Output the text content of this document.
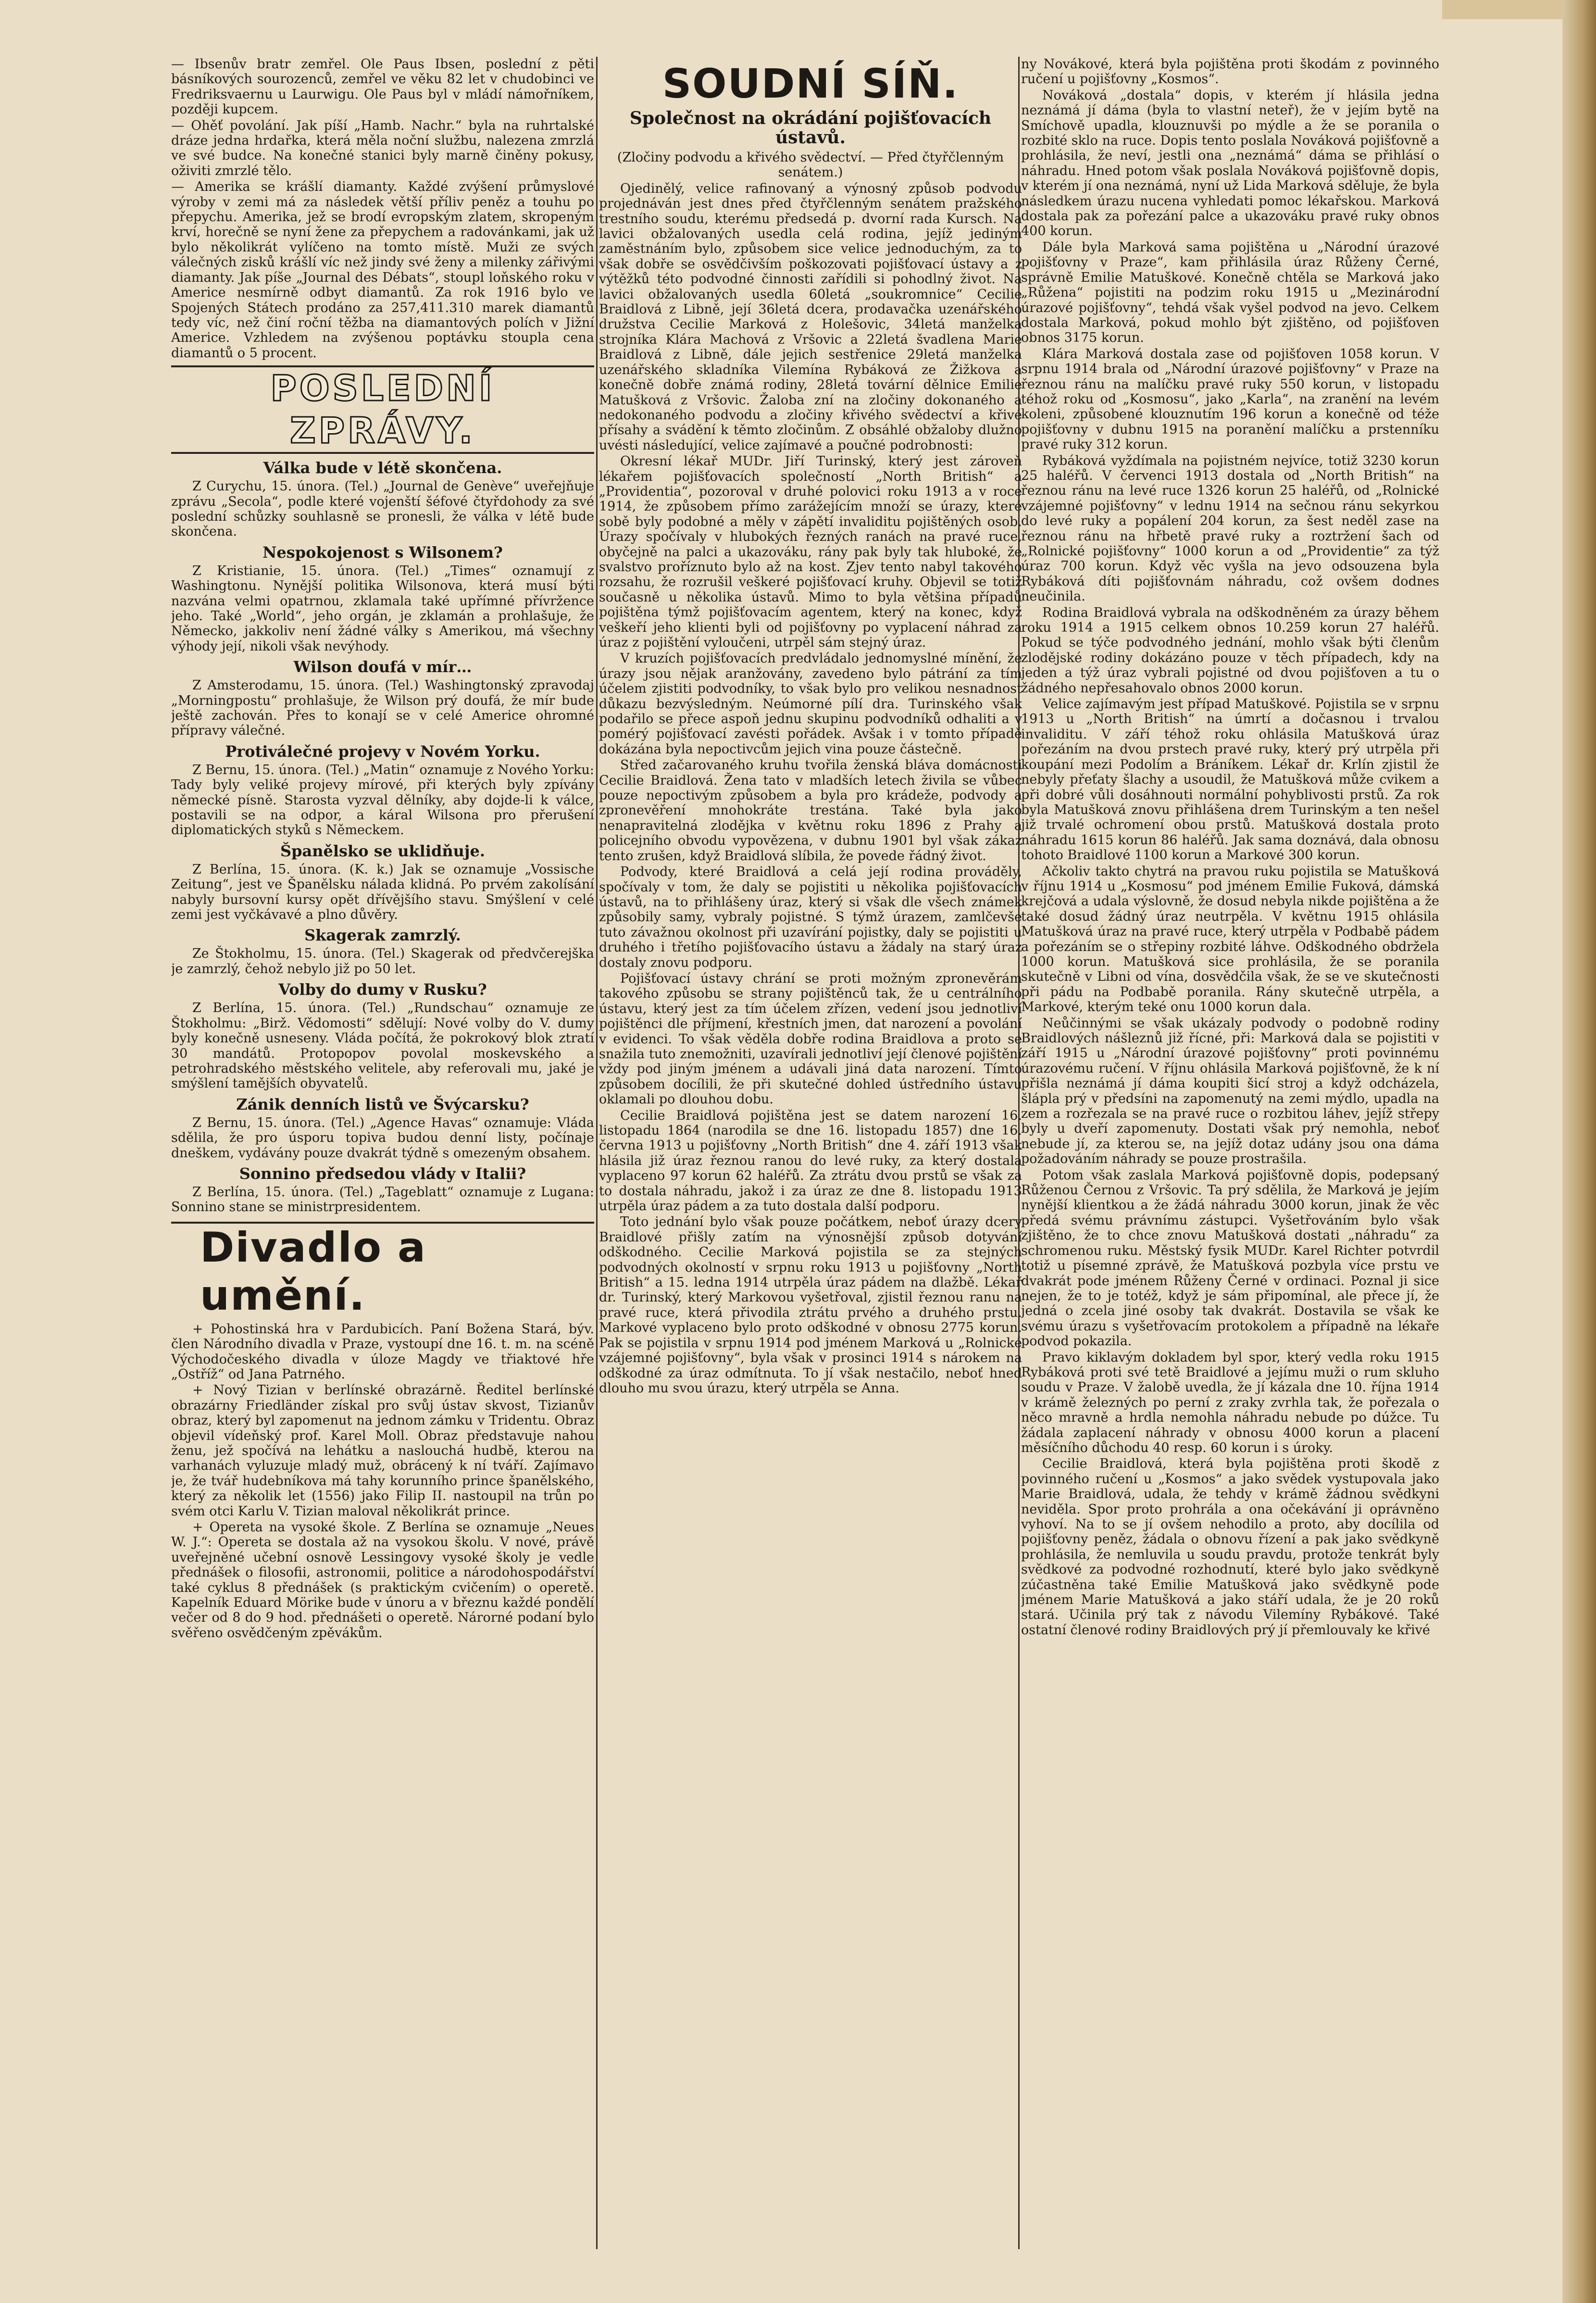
— Ibsenův bratr zemřel. Ole Paus Ibsen, poslední z pěti básníkových sourozenců, zemřel ve věku 82 let v chudobinci ve Fredriksvaernu u Laurwigu. Ole Paus byl v mládí námořníkem, později kupcem.

— Ohěť povolání. Jak píší „Hamb. Nachr.“ byla na ruhrtalské dráze jedna hrdařka, která měla noční službu, nalezena zmrzlá ve své budce. Na konečné stanici byly marně činěny pokusy, oživiti zmrzlé tělo.

— Amerika se krášlí diamanty. Každé zvýšení průmyslové výroby v zemi má za následek větší příliv peněz a touhu po přepychu. Amerika, jež se brodí evropským zlatem, skropeným krví, horečně se nyní žene za přepychem a radovánkami, jak už bylo několikrát vylíčeno na tomto místě. Muži ze svých válečných zisků krášlí víc než jindy své ženy a milenky zářivými diamanty. Jak píše „Journal des Débats“, stoupl loňského roku v Americe nesmírně odbyt diamantů. Za rok 1916 bylo ve Spojených Státech prodáno za 257,411.310 marek diamantů tedy víc, než činí roční těžba na diamantových polích v Jižní Americe. Vzhledem na zvýšenou poptávku stoupla cena diamantů o 5 procent.

POSLEDNÍ ZPRÁVY.
Válka bude v létě skončena.

Z Curychu, 15. února. (Tel.) „Journal de Genève“ uveřejňuje zprávu „Secola“, podle které vojenští šéfové čtyřdohody za své poslední schůzky souhlasně se pronesli, že válka v létě bude skončena.

Nespokojenost s Wilsonem?

Z Kristianie, 15. února. (Tel.) „Times“ oznamují z Washingtonu. Nynější politika Wilsonova, která musí býti nazvána velmi opatrnou, zklamala také upřímné přívržence jeho. Také „World“, jeho orgán, je zklamán a prohlašuje, že Německo, jakkoliv není žádné války s Amerikou, má všechny výhody její, nikoli však nevýhody.

Wilson doufá v mír…

Z Amsterodamu, 15. února. (Tel.) Washingtonský zpravodaj „Morningpostu“ prohlašuje, že Wilson prý doufá, že mír bude ještě zachován. Přes to konají se v celé Americe ohromné přípravy válečné.

Protiválečné projevy v Novém Yorku.

Z Bernu, 15. února. (Tel.) „Matin“ oznamuje z Nového Yorku: Tady byly veliké projevy mírové, při kterých byly zpívány německé písně. Starosta vyzval dělníky, aby dojde-li k válce, postavili se na odpor, a káral Wilsona pro přerušení diplomatických styků s Německem.

Španělsko se uklidňuje.

Z Berlína, 15. února. (K. k.) Jak se oznamuje „Vossische Zeitung“, jest ve Španělsku nálada klidná. Po prvém zakolísání nabyly bursovní kursy opět dřívějšího stavu. Smýšlení v celé zemi jest vyčkávavé a plno důvěry.

Skagerak zamrzlý.

Ze Štokholmu, 15. února. (Tel.) Skagerak od předvčerejška je zamrzlý, čehož nebylo již po 50 let.

Volby do dumy v Rusku?

Z Berlína, 15. února. (Tel.) „Rundschau“ oznamuje ze Štokholmu: „Birž. Vědomosti“ sdělují: Nové volby do V. dumy byly konečně usneseny. Vláda počítá, že pokrokový blok ztratí 30 mandátů. Protopopov povolal moskevského a petrohradského městského velitele, aby referovali mu, jaké je smýšlení tamějších obyvatelů.

Zánik denních listů ve Švýcarsku?

Z Bernu, 15. února. (Tel.) „Agence Havas“ oznamuje: Vláda sdělila, že pro úsporu topiva budou denní listy, počínaje dneškem, vydávány pouze dvakrát týdně s omezeným obsahem.

Sonnino předsedou vlády v Italii?

Z Berlína, 15. února. (Tel.) „Tageblatt“ oznamuje z Lugana: Sonnino stane se ministrpresidentem.

Divadlo a umění.

+ Pohostinská hra v Pardubicích. Paní Božena Stará, býv. člen Národního divadla v Praze, vystoupí dne 16. t. m. na scéně Východočeského divadla v úloze Magdy ve třiaktové hře „Ostříž“ od Jana Patrného.

+ Nový Tizian v berlínské obrazárně. Ředitel berlínské obrazárny Friedländer získal pro svůj ústav skvost, Tizianův obraz, který byl zapomenut na jednom zámku v Tridentu. Obraz objevil vídeňský prof. Karel Moll. Obraz představuje nahou ženu, jež spočívá na lehátku a naslouchá hudbě, kterou na varhanách vyluzuje mladý muž, obrácený k ní tváří. Zajímavo je, že tvář hudebníkova má tahy korunního prince španělského, který za několik let (1556) jako Filip II. nastoupil na trůn po svém otci Karlu V. Tizian maloval několikrát prince.

+ Opereta na vysoké škole. Z Berlína se oznamuje „Neues W. J.“: Opereta se dostala až na vysokou školu. V nové, právě uveřejněné učební osnově Lessingovy vysoké školy je vedle přednášek o filosofii, astronomii, politice a národohospodářství také cyklus 8 přednášek (s praktickým cvičením) o operetě. Kapelník Eduard Mörike bude v únoru a v březnu každé pondělí večer od 8 do 9 hod. přednášeti o operetě. Nárorné podaní bylo svěřeno osvědčeným zpěvákům.

SOUDNÍ SÍŇ.
Společnost na okrádání pojišťovacích ústavů.

(Zločiny podvodu a křivého svědectví. — Před čtyřčlenným senátem.)

Ojedinělý, velice rafinovaný a výnosný způsob podvodu projednáván jest dnes před čtyřčlenným senátem pražského trestního soudu, kterému předsedá p. dvorní rada Kursch. Na lavici obžalovaných usedla celá rodina, jejíž jediným zaměstnáním bylo, způsobem sice velice jednoduchým, za to však dobře se osvědčivším poškozovati pojišťovací ústavy a z výtěžků této podvodné činnosti zařídili si pohodlný život. Na lavici obžalovaných usedla 60letá „soukromnice“ Cecilie Braidlová z Libně, její 36letá dcera, prodavačka uzenářského družstva Cecilie Marková z Holešovic, 34letá manželka strojníka Klára Machová z Vršovic a 22letá švadlena Marie Braidlová z Libně, dále jejich sestřenice 29letá manželka uzenářského skladníka Vilemína Rybáková ze Žižkova a konečně dobře známá rodiny, 28letá tovární dělnice Emilie Matušková z Vršovic. Žaloba zní na zločiny dokonaného a nedokonaného podvodu a zločiny křivého svědectví a křivé přísahy a svádění k těmto zločinům. Z obsáhlé obžaloby dlužno uvésti následující, velice zajímavé a poučné podrobnosti:

Okresní lékař MUDr. Jiří Turinský, který jest zároveň lékařem pojišťovacích společností „North British“ a „Providentia“, pozoroval v druhé polovici roku 1913 a v roce 1914, že způsobem přímo zarážejícím množí se úrazy, které sobě byly podobné a měly v zápětí invaliditu pojištěných osob. Úrazy spočívaly v hlubokých řezných ranách na pravé ruce, obyčejně na palci a ukazováku, rány pak byly tak hluboké, že svalstvo proříznuto bylo až na kost. Zjev tento nabyl takového rozsahu, že rozrušil veškeré pojišťovací kruhy. Objevil se totiž současně u několika ústavů. Mimo to byla většina případů pojištěna týmž pojišťovacím agentem, který na konec, když veškeří jeho klienti byli od pojišťovny po vyplacení náhrad za úraz z pojištění vyloučeni, utrpěl sám stejný úraz.

V kruzích pojišťovacích predvládalo jednomyslné mínění, že úrazy jsou nějak aranžovány, zavedeno bylo pátrání za tím účelem zjistiti podvodníky, to však bylo pro velikou nesnadnost důkazu bezvýsledným. Neúmorné pílí dra. Turinského však podařilo se přece aspoň jednu skupinu podvodníků odhaliti a v pomérý pojišťovací zavésti pořádek. Avšak i v tomto případě dokázána byla nepoctivcům jejich vina pouze částečně.

Střed začarovaného kruhu tvořila ženská bláva domácnosti Cecilie Braidlová. Žena tato v mladších letech živila se vůbec pouze nepoctivým způsobem a byla pro krádeže, podvody a zpronevěření mnohokráte trestána. Také byla jako nenapravitelná zlodějka v květnu roku 1896 z Prahy a policejního obvodu vypovězena, v dubnu 1901 byl však zákaz tento zrušen, když Braidlová slíbila, že povede řádný život.

Podvody, které Braidlová a celá její rodina prováděly, spočívaly v tom, že daly se pojistiti u několika pojišťovacích ústavů, na to přihlášeny úraz, který si však dle všech známek způsobily samy, vybraly pojistné. S týmž úrazem, zamlčevše tuto závažnou okolnost při uzavírání pojistky, daly se pojistiti u druhého i třetího pojišťovacího ústavu a žádaly na starý úraz dostaly znovu podporu.

Pojišťovací ústavy chrání se proti možným zpronevěrám takového způsobu se strany pojištěnců tak, že u centrálního ústavu, který jest za tím účelem zřízen, vedení jsou jednotliví pojištěnci dle příjmení, křestních jmen, dat narození a povolání v evidenci. To však věděla dobře rodina Braidlova a proto se snažila tuto znemožniti, uzavírali jednotliví její členové pojištění vždy pod jiným jménem a udávali jiná data narození. Tímto způsobem docílili, že při skutečné dohled ústředního ústavu oklamali po dlouhou dobu.

Cecilie Braidlová pojištěna jest se datem narození 16. listopadu 1864 (narodila se dne 16. listopadu 1857) dne 16. června 1913 u pojišťovny „North British“ dne 4. září 1913 však hlásila již úraz řeznou ranou do levé ruky, za který dostala vyplaceno 97 korun 62 haléřů. Za ztrátu dvou prstů se však za to dostala náhradu, jakož i za úraz ze dne 8. listopadu 1913 utrpěla úraz pádem a za tuto dostala další podporu.

Toto jednání bylo však pouze počátkem, neboť úrazy dcery Braidlové přišly zatím na výnosnější způsob dotyvání odškodného. Cecilie Marková pojistila se za stejných podvodných okolností v srpnu roku 1913 u pojišťovny „North British“ a 15. ledna 1914 utrpěla úraz pádem na dlažbě. Lékař dr. Turinský, který Markovou vyšetřoval, zjistil řeznou ranu na pravé ruce, která přivodila ztrátu prvého a druhého prstu. Markové vyplaceno bylo proto odškodné v obnosu 2775 korun. Pak se pojistila v srpnu 1914 pod jménem Marková u „Rolnické vzájemné pojišťovny“, byla však v prosinci 1914 s nárokem na odškodné za úraz odmítnuta. To jí však nestačilo, neboť hned dlouho mu svou úrazu, který utrpěla se Anna.

ny Novákové, která byla pojištěna proti škodám z povinného ručení u pojišťovny „Kosmos“.

Nováková „dostala“ dopis, v kterém jí hlásila jedna neznámá jí dáma (byla to vlastní neteř), že v jejím bytě na Smíchově upadla, klouznuvši po mýdle a že se poranila o rozbité sklo na ruce. Dopis tento poslala Nováková pojišťovně a prohlásila, že neví, jestli ona „neznámá“ dáma se přihlásí o náhradu. Hned potom však poslala Nováková pojišťovně dopis, v kterém jí ona neznámá, nyní už Lida Marková sděluje, že byla následkem úrazu nucena vyhledati pomoc lékařskou. Marková dostala pak za pořezání palce a ukazováku pravé ruky obnos 400 korun.

Dále byla Marková sama pojištěna u „Národní úrazové pojišťovny v Praze“, kam přihlásila úraz Růženy Černé, správně Emilie Matuškové. Konečně chtěla se Marková jako „Růžena“ pojistiti na podzim roku 1915 u „Mezinárodní úrazové pojišťovny“, tehdá však vyšel podvod na jevo. Celkem dostala Marková, pokud mohlo být zjištěno, od pojišťoven obnos 3175 korun.

Klára Marková dostala zase od pojišťoven 1058 korun. V srpnu 1914 brala od „Národní úrazové pojišťovny“ v Praze na řeznou ránu na malíčku pravé ruky 550 korun, v listopadu téhož roku od „Kosmosu“, jako „Karla“, na zranění na levém koleni, způsobené klouznutím 196 korun a konečně od téže pojišťovny v dubnu 1915 na poranění malíčku a prstenníku pravé ruky 312 korun.

Rybáková vyždímala na pojistném nejvíce, totiž 3230 korun 25 haléřů. V červenci 1913 dostala od „North British“ na řeznou ránu na levé ruce 1326 korun 25 haléřů, od „Rolnické vzájemné pojišťovny“ v lednu 1914 na sečnou ránu sekyrkou do levé ruky a popálení 204 korun, za šest neděl zase na řeznou ránu na hřbetě pravé ruky a roztržení šach od „Rolnické pojišťovny“ 1000 korun a od „Providentie“ za týž úraz 700 korun. Když věc vyšla na jevo odsouzena byla Rybáková díti pojišťovnám náhradu, což ovšem dodnes neučinila.

Rodina Braidlová vybrala na odškodněném za úrazy během roku 1914 a 1915 celkem obnos 10.259 korun 27 haléřů. Pokud se týče podvodného jednání, mohlo však býti členům zlodějské rodiny dokázáno pouze v těch případech, kdy na jeden a týž úraz vybrali pojistné od dvou pojišťoven a tu o žádného nepřesahovalo obnos 2000 korun.

Velice zajímavým jest případ Matuškové. Pojistila se v srpnu 1913 u „North British“ na úmrtí a dočasnou i trvalou invaliditu. V září téhož roku ohlásila Matušková úraz pořezáním na dvou prstech pravé ruky, který prý utrpěla při koupání mezi Podolím a Bráníkem. Lékař dr. Krlín zjistil že nebyly přeťaty šlachy a usoudil, že Matušková může cvikem a při dobré vůli dosáhnouti normální pohyblivosti prstů. Za rok byla Matušková znovu přihlášena drem Turinským a ten nešel již trvalé ochromení obou prstů. Matušková dostala proto náhradu 1615 korun 86 haléřů. Jak sama doznává, dala obnosu tohoto Braidlové 1100 korun a Markové 300 korun.

Ačkoliv takto chytrá na pravou ruku pojistila se Matušková v říjnu 1914 u „Kosmosu“ pod jménem Emilie Fuková, dámská krejčová a udala výslovně, že dosud nebyla nikde pojištěna a že také dosud žádný úraz neutrpěla. V květnu 1915 ohlásila Matušková úraz na pravé ruce, který utrpěla v Podbabě pádem a pořezáním se o střepiny rozbité láhve. Odškodného obdržela 1000 korun. Matušková sice prohlásila, že se poranila skutečně v Libni od vína, dosvědčila však, že se ve skutečnosti při pádu na Podbabě poranila. Rány skutečně utrpěla, a Markové, kterým teké onu 1000 korun dala.

Neůčinnými se však ukázaly podvody o podobně rodiny Braidlových nášleznů již řícné, při: Marková dala se pojistiti v září 1915 u „Národní úrazové pojišťovny“ proti povinnému úrazovému ručení. V říjnu ohlásila Marková pojišťovně, že k ní přišla neznámá jí dáma koupiti šicí stroj a když odcházela, šlápla prý v předsíni na zapomenutý na zemi mýdlo, upadla na zem a rozřezala se na pravé ruce o rozbitou láhev, jejíž střepy byly u dveří zapomenuty. Dostati však prý nemohla, neboť nebude jí, za kterou se, na jejíž dotaz udány jsou ona dáma požadováním náhrady se pouze prostrašila.

Potom však zaslala Marková pojišťovně dopis, podepsaný Růženou Černou z Vršovic. Ta prý sdělila, že Marková je jejím nynější klientkou a že žádá náhradu 3000 korun, jinak že věc předá svému právnímu zástupci. Vyšetřováním bylo však zjištěno, že to chce znovu Matušková dostati „náhradu“ za schromenou ruku. Městský fysik MUDr. Karel Richter potvrdil totiž u písemné zprávě, že Matušková pozbyla více prstu ve dvakrát pode jménem Růženy Černé v ordinaci. Poznal ji sice nejen, že to je totéž, když je sám připomínal, ale přece jí, že jedná o zcela jiné osoby tak dvakrát. Dostavila se však ke svému úrazu s vyšetřovacím protokolem a případně na lékaře podvod pokazila.

Pravo kiklavým dokladem byl spor, který vedla roku 1915 Rybáková proti své tetě Braidlové a jejímu muži o rum skluho soudu v Praze. V žalobě uvedla, že jí kázala dne 10. října 1914 v krámě železných po perní z zraky zvrhla tak, že pořezala o něco mravně a hrdla nemohla náhradu nebude po dúžce. Tu žádala zaplacení náhrady v obnosu 4000 korun a placení měsíčního důchodu 40 resp. 60 korun i s úroky.

Cecilie Braidlová, která byla pojištěna proti škodě z povinného ručení u „Kosmos“ a jako svědek vystupovala jako Marie Braidlová, udala, že tehdy v krámě žádnou svědkyni neviděla. Spor proto prohrála a ona očekávání ji oprávněno vyhoví. Na to se jí ovšem nehodilo a proto, aby docílila od pojišťovny peněz, žádala o obnovu řízení a pak jako svědkyně prohlásila, že nemluvila u soudu pravdu, protože tenkrát byly svědkové za podvodné rozhodnutí, které bylo jako svědkyně zúčastněna také Emilie Matušková jako svědkyně pode jménem Marie Matušková a jako stáří udala, že je 20 roků stará. Učinila prý tak z návodu Vilemíny Rybákové. Také ostatní členové rodiny Braidlových prý jí přemlouvaly ke křivé
